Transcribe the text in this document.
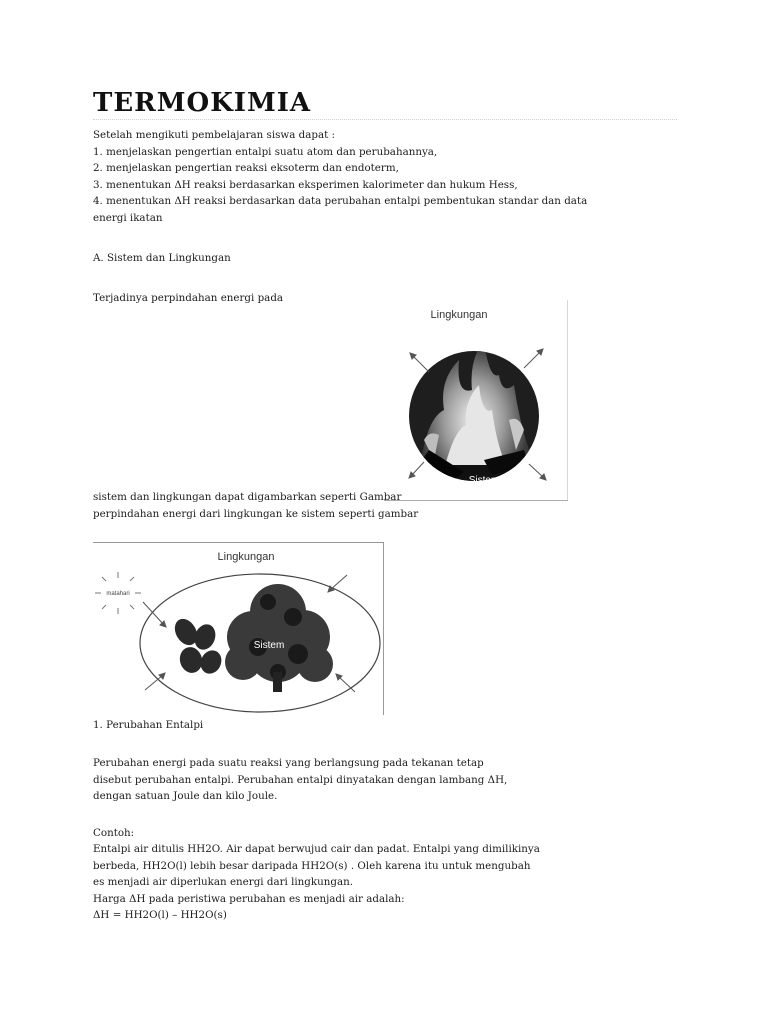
TERMOKIMIA
Setelah mengikuti pembelajaran siswa dapat :
1. menjelaskan pengertian entalpi suatu atom dan perubahannya,
2. menjelaskan pengertian reaksi eksoterm dan endoterm,
3. menentukan ΔH reaksi berdasarkan eksperimen kalorimeter dan hukum Hess,
4. menentukan ΔH reaksi berdasarkan data perubahan entalpi pembentukan standar dan data
energi ikatan
A. Sistem dan Lingkungan
Terjadinya perpindahan energi pada
Lingkungan
Sistem
sistem dan lingkungan dapat digambarkan seperti Gambar
perpindahan energi dari lingkungan ke sistem seperti gambar
Lingkungan
matahari
Sistem
1. Perubahan Entalpi
Perubahan energi pada suatu reaksi yang berlangsung pada tekanan tetap
disebut perubahan entalpi. Perubahan entalpi dinyatakan dengan lambang ΔH,
dengan satuan Joule dan kilo Joule.
Contoh:
Entalpi air ditulis HH2O. Air dapat berwujud cair dan padat. Entalpi yang dimilikinya
berbeda, HH2O(l) lebih besar daripada HH2O(s) . Oleh karena itu untuk mengubah
es menjadi air diperlukan energi dari lingkungan.
Harga ΔH pada peristiwa perubahan es menjadi air adalah:
ΔH = HH2O(l) – HH2O(s)
